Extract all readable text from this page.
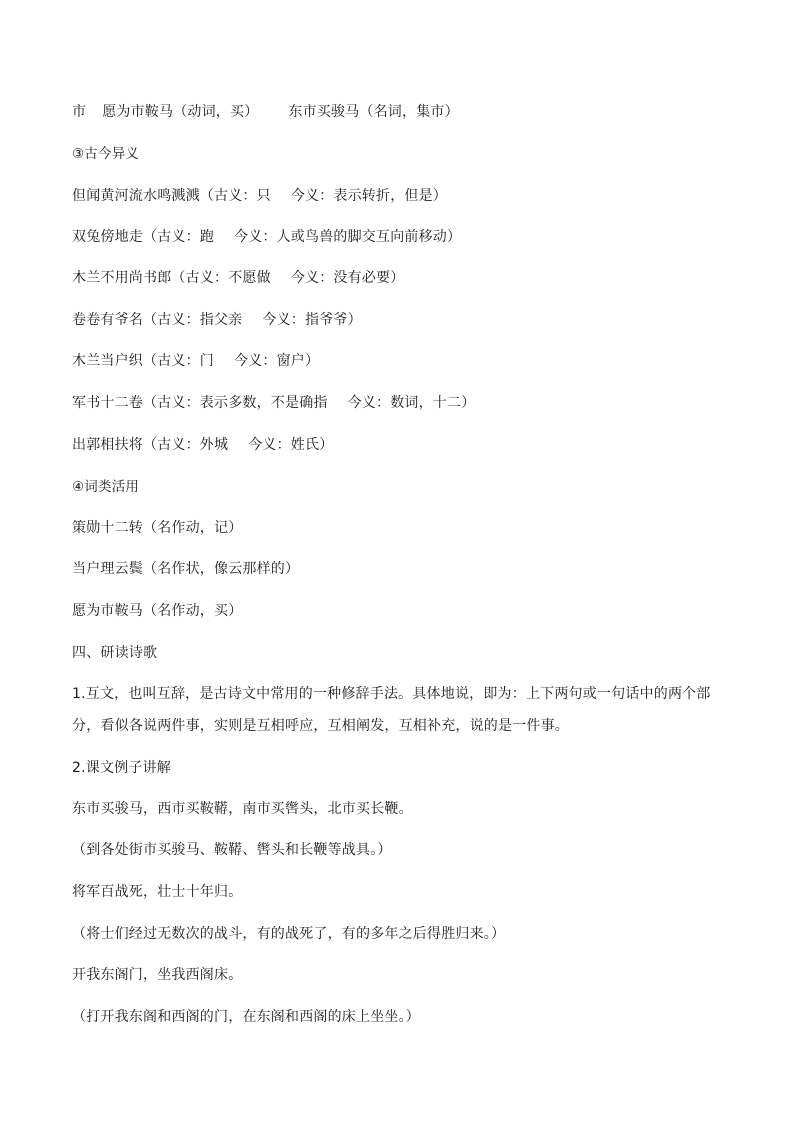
市 愿为市鞍马（动词，买） 东市买骏马（名词，集市）
③古今异义
但闻黄河流水鸣溅溅（古义：只 今义：表示转折，但是）
双兔傍地走（古义：跑 今义：人或鸟兽的脚交互向前移动）
木兰不用尚书郎（古义：不愿做 今义：没有必要）
卷卷有爷名（古义：指父亲 今义：指爷爷）
木兰当户织（古义：门 今义：窗户）
军书十二卷（古义：表示多数，不是确指 今义：数词，十二）
出郭相扶将（古义：外城 今义：姓氏）
④词类活用
策勋十二转（名作动，记）
当户理云鬓（名作状，像云那样的）
愿为市鞍马（名作动，买）
四、研读诗歌
1.互文，也叫互辞，是古诗文中常用的一种修辞手法。具体地说，即为：上下两句或一句话中的两个部分，看似各说两件事，实则是互相呼应，互相阐发，互相补充，说的是一件事。
2.课文例子讲解
东市买骏马，西市买鞍鞯，南市买辔头，北市买长鞭。
（到各处街市买骏马、鞍鞯、辔头和长鞭等战具。）
将军百战死，壮士十年归。
（将士们经过无数次的战斗，有的战死了，有的多年之后得胜归来。）
开我东阁门，坐我西阁床。
（打开我东阁和西阁的门，在东阁和西阁的床上坐坐。）
